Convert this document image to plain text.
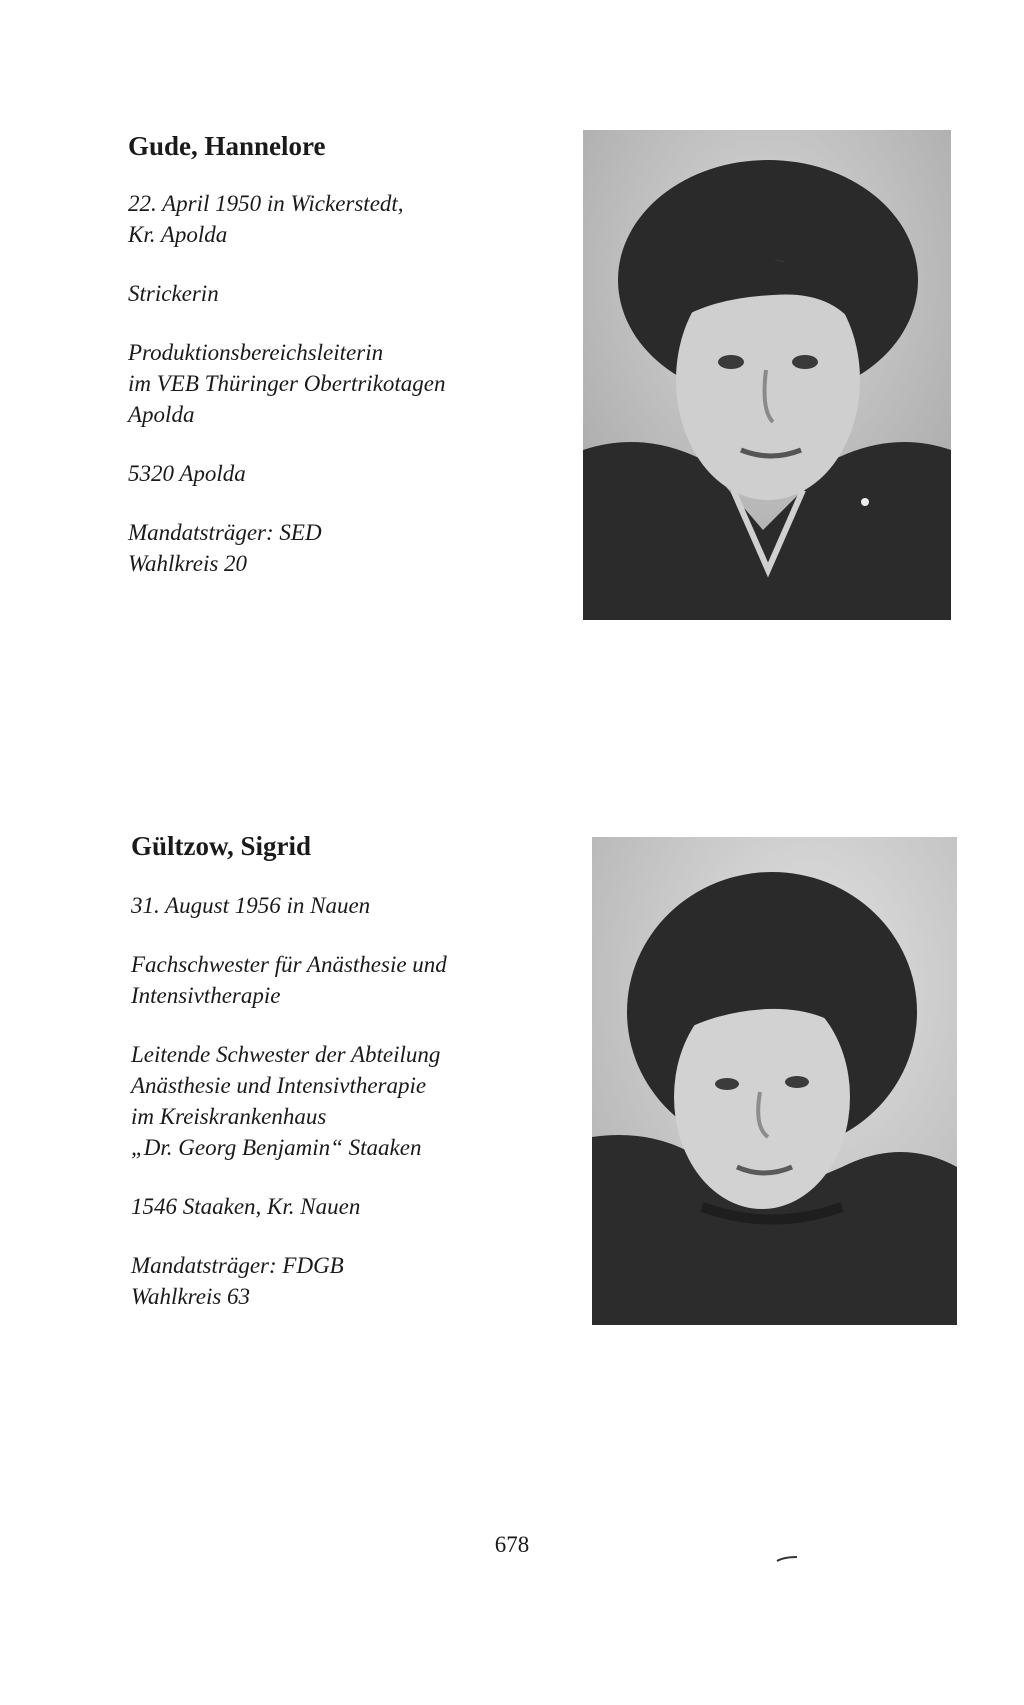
Gude, Hannelore

22. April 1950 in Wickerstedt,

Kr. Apolda

Strickerin

Produktionsbereichsleiterin

im VEB Thüringer Obertrikotagen

Apolda

5320 Apolda

Mandatsträger: SED

Wahlkreis 20

Gültzow, Sigrid

31. August 1956 in Nauen

Fachschwester für Anästhesie und

Intensivtherapie

Leitende Schwester der Abteilung

Anästhesie und Intensivtherapie

im Kreiskrankenhaus

„Dr. Georg Benjamin“ Staaken

1546 Staaken, Kr. Nauen

Mandatsträger: FDGB

Wahlkreis 63

678
